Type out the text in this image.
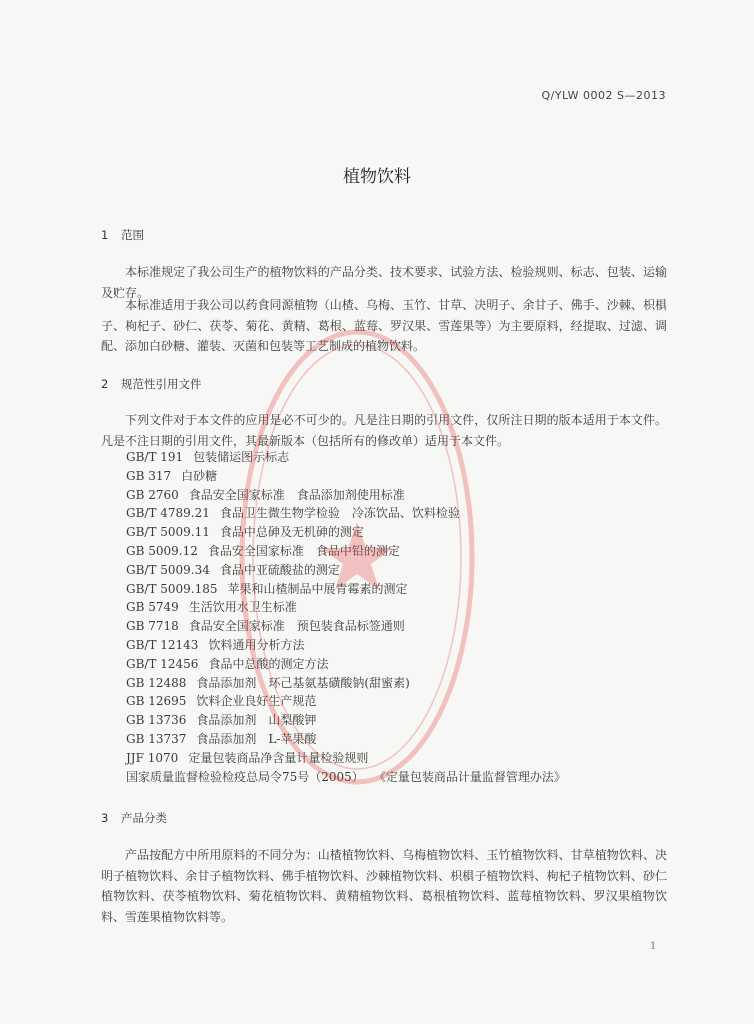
Q/YLW 0002 S—2013
植物饮料
1 范围

本标准规定了我公司生产的植物饮料的产品分类、技术要求、试验方法、检验规则、标志、包装、运输及贮存。

本标准适用于我公司以药食同源植物（山楂、乌梅、玉竹、甘草、决明子、余甘子、佛手、沙棘、枳椇子、枸杞子、砂仁、茯苓、菊花、黄精、葛根、蓝莓、罗汉果、雪莲果等）为主要原料，经提取、过滤、调配、添加白砂糖、灌装、灭菌和包装等工艺制成的植物饮料。

2 规范性引用文件

下列文件对于本文件的应用是必不可少的。凡是注日期的引用文件，仅所注日期的版本适用于本文件。凡是不注日期的引用文件，其最新版本（包括所有的修改单）适用于本文件。

GB/T 191 包装储运图示标志
GB 317 白砂糖
GB 2760 食品安全国家标准　食品添加剂使用标准
GB/T 4789.21 食品卫生微生物学检验　冷冻饮品、饮料检验
GB/T 5009.11 食品中总砷及无机砷的测定
GB 5009.12 食品安全国家标准　食品中铅的测定
GB/T 5009.34 食品中亚硫酸盐的测定
GB/T 5009.185 苹果和山楂制品中展青霉素的测定
GB 5749 生活饮用水卫生标准
GB 7718 食品安全国家标准　预包装食品标签通则
GB/T 12143 饮料通用分析方法
GB/T 12456 食品中总酸的测定方法
GB 12488 食品添加剂　环己基氨基磺酸钠(甜蜜素)
GB 12695 饮料企业良好生产规范
GB 13736 食品添加剂　山梨酸钾
GB 13737 食品添加剂　L-苹果酸
JJF 1070 定量包装商品净含量计量检验规则
国家质量监督检验检疫总局令75号（2005） 《定量包装商品计量监督管理办法》
3 产品分类

产品按配方中所用原料的不同分为：山楂植物饮料、乌梅植物饮料、玉竹植物饮料、甘草植物饮料、决明子植物饮料、余甘子植物饮料、佛手植物饮料、沙棘植物饮料、枳椇子植物饮料、枸杞子植物饮料、砂仁植物饮料、茯苓植物饮料、菊花植物饮料、黄精植物饮料、葛根植物饮料、蓝莓植物饮料、罗汉果植物饮料、雪莲果植物饮料等。

1
